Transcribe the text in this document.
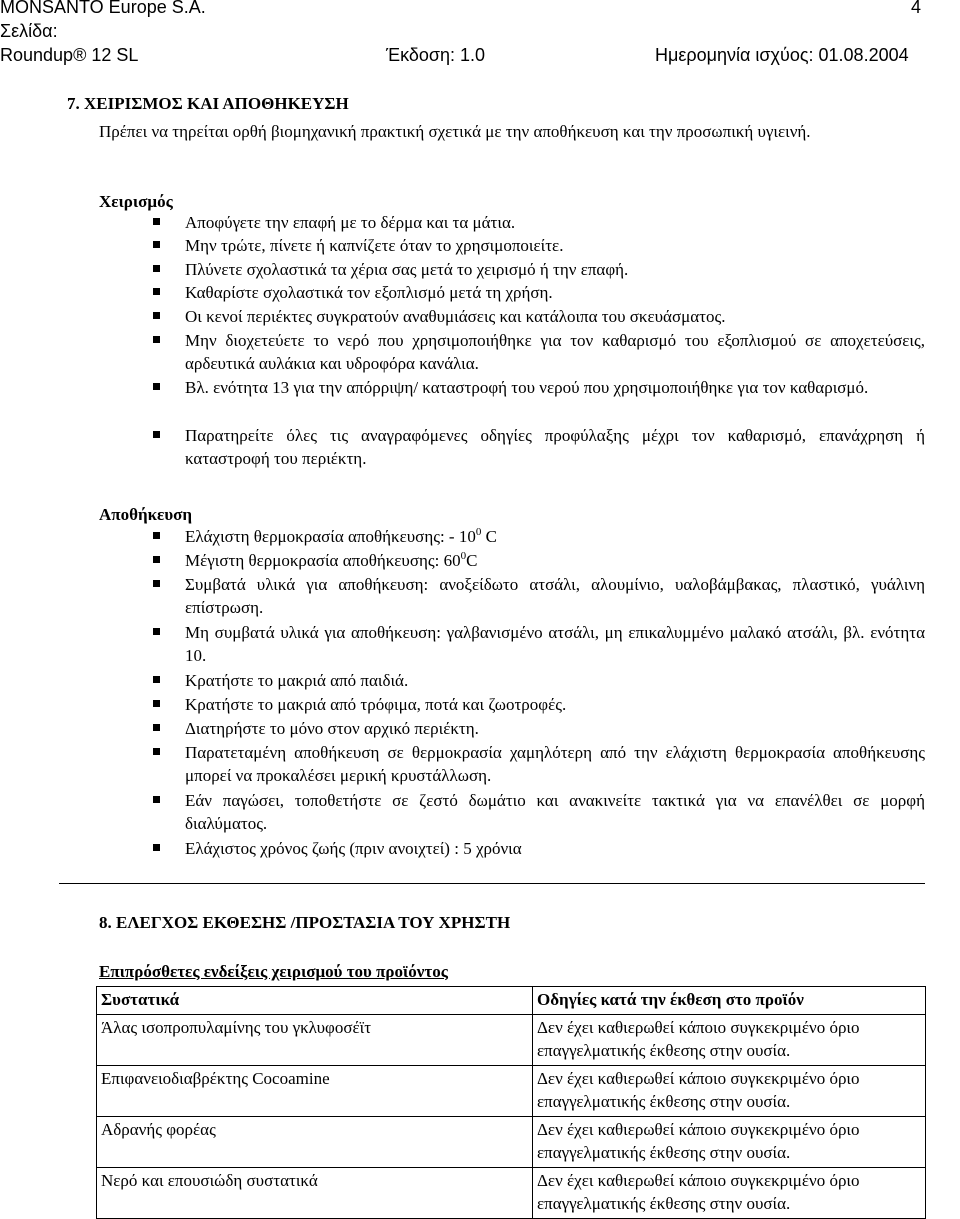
MONSANTO Europe S.A.	4
Σελίδα:
Roundup® 12 SL	Έκδοση: 1.0	Ημερομηνία ισχύος: 01.08.2004
7. ΧΕΙΡΙΣΜΟΣ ΚΑΙ ΑΠΟΘΗΚΕΥΣΗ
Πρέπει να τηρείται ορθή βιομηχανική πρακτική σχετικά με την αποθήκευση και την προσωπική υγιεινή.
Χειρισμός
Αποφύγετε την επαφή με το δέρμα και τα μάτια.
Μην τρώτε, πίνετε ή καπνίζετε όταν το χρησιμοποιείτε.
Πλύνετε σχολαστικά τα χέρια σας μετά το χειρισμό ή την επαφή.
Καθαρίστε σχολαστικά τον εξοπλισμό μετά τη χρήση.
Οι κενοί περιέκτες συγκρατούν αναθυμιάσεις και κατάλοιπα του σκευάσματος.
Μην διοχετεύετε το νερό που χρησιμοποιήθηκε για τον καθαρισμό του εξοπλισμού σε αποχετεύσεις, αρδευτικά αυλάκια και υδροφόρα κανάλια.
Βλ. ενότητα 13 για την απόρριψη/ καταστροφή του νερού που χρησιμοποιήθηκε για τον καθαρισμό.
Παρατηρείτε όλες τις αναγραφόμενες οδηγίες προφύλαξης μέχρι τον καθαρισμό, επανάχρηση ή καταστροφή του περιέκτη.
Αποθήκευση
Ελάχιστη θερμοκρασία αποθήκευσης: - $10^0$ C
Μέγιστη θερμοκρασία αποθήκευσης: $60^0C$
Συμβατά υλικά για αποθήκευση: ανοξείδωτο ατσάλι, αλουμίνιο, υαλοβάμβακας, πλαστικό, γυάλινη επίστρωση.
Μη συμβατά υλικά για αποθήκευση: γαλβανισμένο ατσάλι, μη επικαλυμμένο μαλακό ατσάλι, βλ. ενότητα 10.
Κρατήστε το μακριά από παιδιά.
Κρατήστε το μακριά από τρόφιμα, ποτά και ζωοτροφές.
Διατηρήστε το μόνο στον αρχικό περιέκτη.
Παρατεταμένη αποθήκευση σε θερμοκρασία χαμηλότερη από την ελάχιστη θερμοκρασία αποθήκευσης μπορεί να προκαλέσει μερική κρυστάλλωση.
Εάν παγώσει, τοποθετήστε σε ζεστό δωμάτιο και ανακινείτε τακτικά για να επανέλθει σε μορφή διαλύματος.
Ελάχιστος χρόνος ζωής (πριν ανοιχτεί) : 5 χρόνια
8. ΕΛΕΓΧΟΣ ΕΚΘΕΣΗΣ /ΠΡΟΣΤΑΣΙΑ ΤΟΥ ΧΡΗΣΤΗ
Επιπρόσθετες ενδείξεις χειρισμού του προϊόντος
Συστατικά	Οδηγίες κατά την έκθεση στο προϊόν
Άλας ισοπροπυλαμίνης του γκλυφοσέϊτ	Δεν έχει καθιερωθεί κάποιο συγκεκριμένο όριο επαγγελματικής έκθεσης στην ουσία.
Επιφανειοδιαβρέκτης Cocoamine	Δεν έχει καθιερωθεί κάποιο συγκεκριμένο όριο επαγγελματικής έκθεσης στην ουσία.
Αδρανής φορέας	Δεν έχει καθιερωθεί κάποιο συγκεκριμένο όριο επαγγελματικής έκθεσης στην ουσία.
Νερό και επουσιώδη συστατικά	Δεν έχει καθιερωθεί κάποιο συγκεκριμένο όριο επαγγελματικής έκθεσης στην ουσία.
